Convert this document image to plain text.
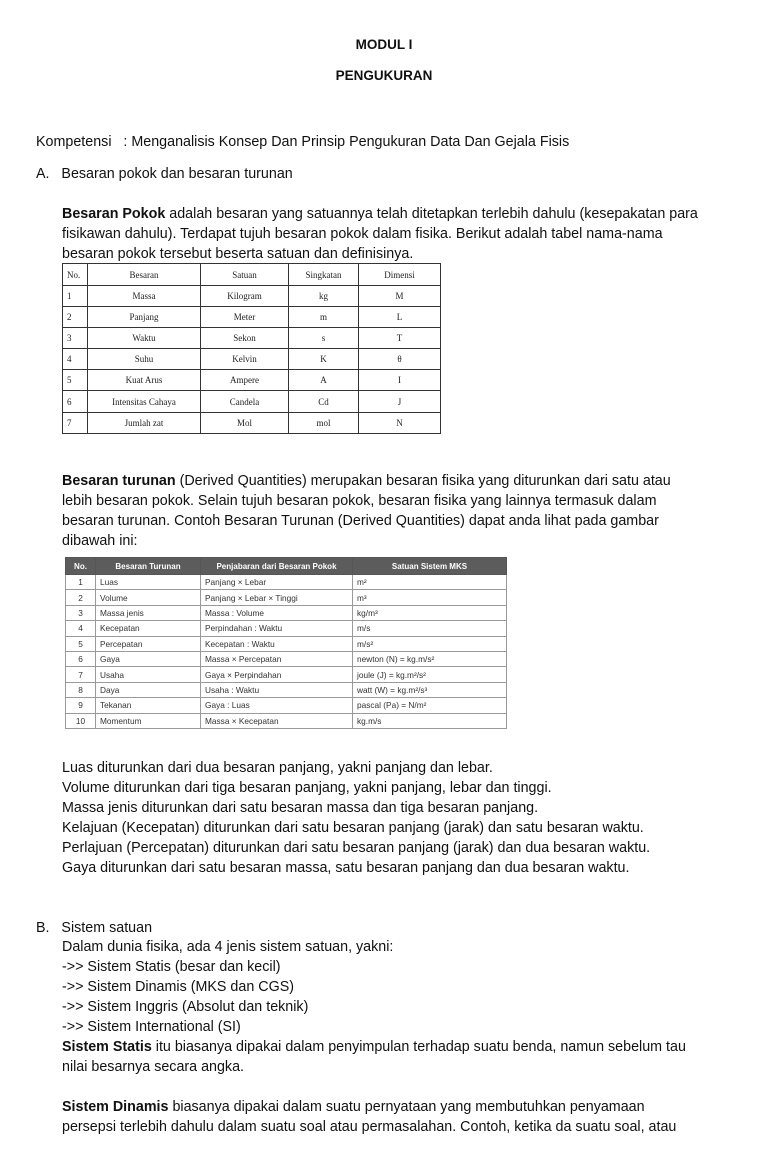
MODUL I
PENGUKURAN
Kompetensi   : Menganalisis Konsep Dan Prinsip Pengukuran Data Dan Gejala Fisis
A.   Besaran pokok dan besaran turunan
Besaran Pokok adalah besaran yang satuannya telah ditetapkan terlebih dahulu (kesepakatan para
fisikawan dahulu). Terdapat tujuh besaran pokok dalam fisika. Berikut adalah tabel nama-nama
besaran pokok tersebut beserta satuan dan definisinya.
No.	Besaran	Satuan	Singkatan	Dimensi
1	Massa	Kilogram	kg	M
2	Panjang	Meter	m	L
3	Waktu	Sekon	s	T
4	Suhu	Kelvin	K	θ
5	Kuat Arus	Ampere	A	I
6	Intensitas Cahaya	Candela	Cd	J
7	Jumlah zat	Mol	mol	N
Besaran turunan (Derived Quantities) merupakan besaran fisika yang diturunkan dari satu atau
lebih besaran pokok. Selain tujuh besaran pokok, besaran fisika yang lainnya termasuk dalam
besaran turunan. Contoh Besaran Turunan (Derived Quantities) dapat anda lihat pada gambar
dibawah ini:
No.	Besaran Turunan	Penjabaran dari Besaran Pokok	Satuan Sistem MKS
1	Luas	Panjang × Lebar	m²
2	Volume	Panjang × Lebar × Tinggi	m³
3	Massa jenis	Massa : Volume	kg/m³
4	Kecepatan	Perpindahan : Waktu	m/s
5	Percepatan	Kecepatan : Waktu	m/s²
6	Gaya	Massa × Percepatan	newton (N) = kg.m/s²
7	Usaha	Gaya × Perpindahan	joule (J) = kg.m²/s²
8	Daya	Usaha : Waktu	watt (W) = kg.m²/s³
9	Tekanan	Gaya : Luas	pascal (Pa) = N/m²
10	Momentum	Massa × Kecepatan	kg.m/s
Luas diturunkan dari dua besaran panjang, yakni panjang dan lebar.
Volume diturunkan dari tiga besaran panjang, yakni panjang, lebar dan tinggi.
Massa jenis diturunkan dari satu besaran massa dan tiga besaran panjang.
Kelajuan (Kecepatan) diturunkan dari satu besaran panjang (jarak) dan satu besaran waktu.
Perlajuan (Percepatan) diturunkan dari satu besaran panjang (jarak) dan dua besaran waktu.
Gaya diturunkan dari satu besaran massa, satu besaran panjang dan dua besaran waktu.
B.   Sistem satuan
Dalam dunia fisika, ada 4 jenis sistem satuan, yakni:
->> Sistem Statis (besar dan kecil)
->> Sistem Dinamis (MKS dan CGS)
->> Sistem Inggris (Absolut dan teknik)
->> Sistem International (SI)
Sistem Statis itu biasanya dipakai dalam penyimpulan terhadap suatu benda, namun sebelum tau
nilai besarnya secara angka.
Sistem Dinamis biasanya dipakai dalam suatu pernyataan yang membutuhkan penyamaan
persepsi terlebih dahulu dalam suatu soal atau permasalahan. Contoh, ketika da suatu soal, atau
